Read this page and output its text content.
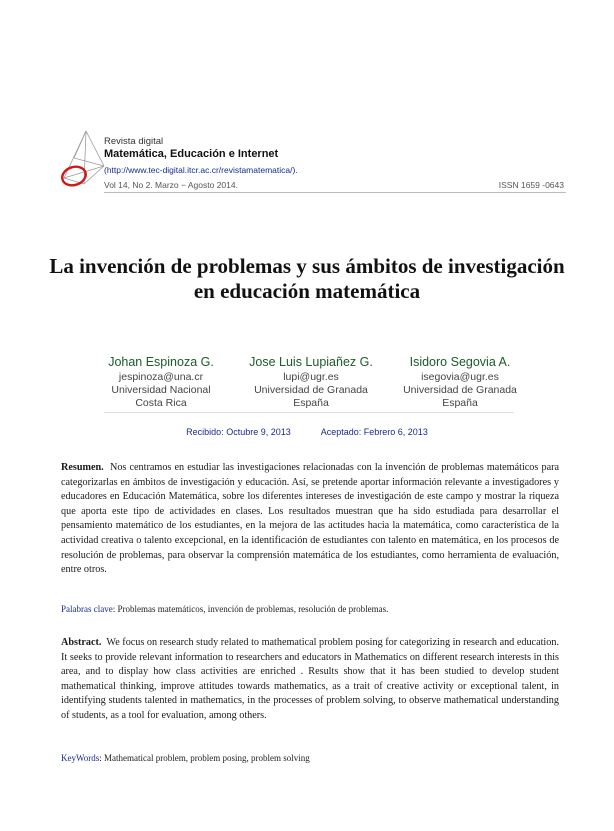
Revista digital
Matemática, Educación e Internet
(http://www.tec-digital.itcr.ac.cr/revistamatematica/).
Vol 14, No 2. Marzo − Agosto 2014.	ISSN 1659 -0643
La invención de problemas y sus ámbitos de investigación en educación matemática
Johan Espinoza G.
jespinoza@una.cr
Universidad Nacional
Costa Rica
Jose Luis Lupiañez G.
lupi@ugr.es
Universidad de Granada
España
Isidoro Segovia A.
isegovia@ugr.es
Universidad de Granada
España
Recibido: Octubre 9, 2013	Aceptado: Febrero 6, 2013
Resumen. Nos centramos en estudiar las investigaciones relacionadas con la invención de problemas matemáticos para categorizarlas en ámbitos de investigación y educación. Así, se pretende aportar información relevante a investigadores y educadores en Educación Matemática, sobre los diferentes intereses de investigación de este campo y mostrar la riqueza que aporta este tipo de actividades en clases. Los resultados muestran que ha sido estudiada para desarrollar el pensamiento matemático de los estudiantes, en la mejora de las actitudes hacia la matemática, como característica de la actividad creativa o talento excepcional, en la identificación de estudiantes con talento en matemática, en los procesos de resolución de problemas, para observar la comprensión matemática de los estudiantes, como herramienta de evaluación, entre otros.
Palabras clave: Problemas matemáticos, invención de problemas, resolución de problemas.
Abstract. We focus on research study related to mathematical problem posing for categorizing in research and education. It seeks to provide relevant information to researchers and educators in Mathematics on different research interests in this area, and to display how class activities are enriched . Results show that it has been studied to develop student mathematical thinking, improve attitudes towards mathematics, as a trait of creative activity or exceptional talent, in identifying students talented in mathematics, in the processes of problem solving, to observe mathematical understanding of students, as a tool for evaluation, among others.
KeyWords: Mathematical problem, problem posing, problem solving
